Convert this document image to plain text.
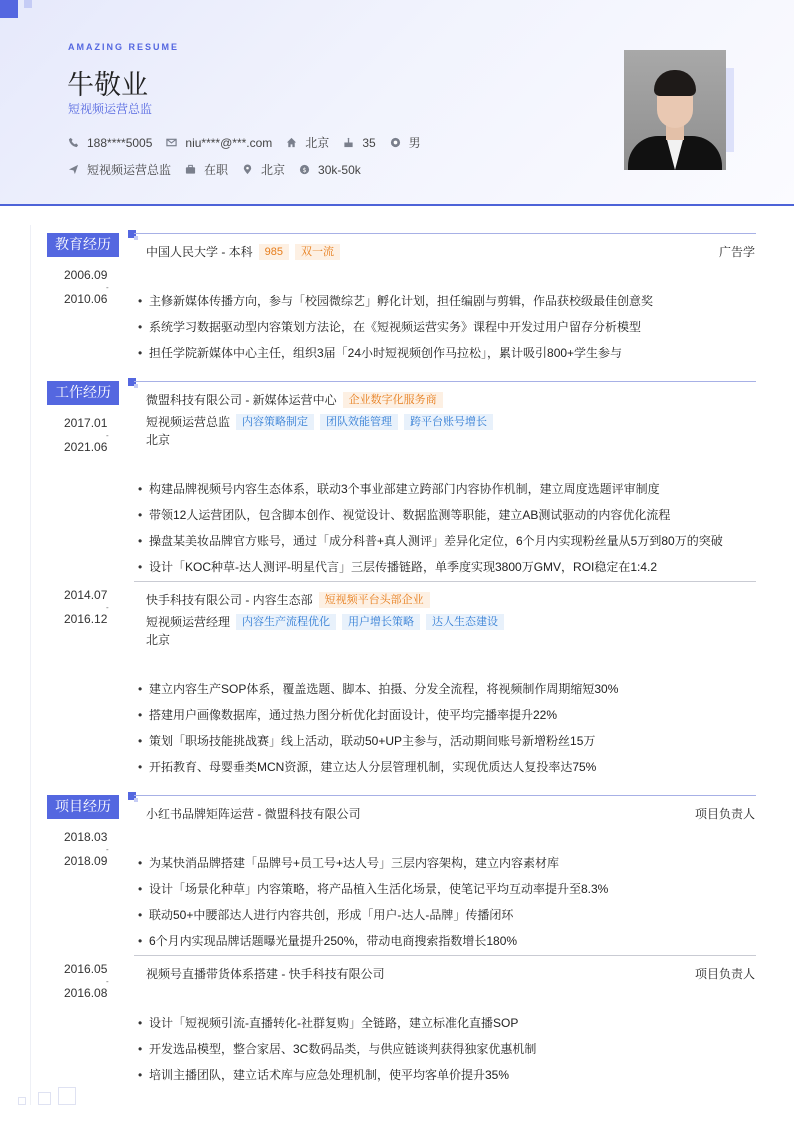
AMAZING RESUME
牛敬业
短视频运营总监
188****5005	niu****@***.com	北京	35	男
短视频运营总监	在职	北京 $ 30k-50k
教育经历
2006.09
-
2010.06
中国人民大学 - 本科	985	双一流	广告学
• 主修新媒体传播方向，参与「校园微综艺」孵化计划，担任编剧与剪辑，作品获校级最佳创意奖
• 系统学习数据驱动型内容策划方法论，在《短视频运营实务》课程中开发过用户留存分析模型
• 担任学院新媒体中心主任，组织3届「24小时短视频创作马拉松」，累计吸引800+学生参与
工作经历
2017.01
-
2021.06
微盟科技有限公司 - 新媒体运营中心	企业数字化服务商
短视频运营总监	内容策略制定	团队效能管理	跨平台账号增长
北京
• 构建品牌视频号内容生态体系，联动3个事业部建立跨部门内容协作机制，建立周度选题评审制度
• 带领12人运营团队，包含脚本创作、视觉设计、数据监测等职能，建立AB测试驱动的内容优化流程
• 操盘某美妆品牌官方账号，通过「成分科普+真人测评」差异化定位，6个月内实现粉丝量从5万到80万的突破
• 设计「KOC种草-达人测评-明星代言」三层传播链路，单季度实现3800万GMV，ROI稳定在1:4.2
2014.07
-
2016.12
快手科技有限公司 - 内容生态部	短视频平台头部企业
短视频运营经理	内容生产流程优化	用户增长策略	达人生态建设
北京
• 建立内容生产SOP体系，覆盖选题、脚本、拍摄、分发全流程，将视频制作周期缩短30%
• 搭建用户画像数据库，通过热力图分析优化封面设计，使平均完播率提升22%
• 策划「职场技能挑战赛」线上活动，联动50+UP主参与，活动期间账号新增粉丝15万
• 开拓教育、母婴垂类MCN资源，建立达人分层管理机制，实现优质达人复投率达75%
项目经历
2018.03
-
2018.09
小红书品牌矩阵运营 - 微盟科技有限公司	项目负责人
• 为某快消品牌搭建「品牌号+员工号+达人号」三层内容架构，建立内容素材库
• 设计「场景化种草」内容策略，将产品植入生活化场景，使笔记平均互动率提升至8.3%
• 联动50+中腰部达人进行内容共创，形成「用户-达人-品牌」传播闭环
• 6个月内实现品牌话题曝光量提升250%，带动电商搜索指数增长180%
2016.05
-
2016.08
视频号直播带货体系搭建 - 快手科技有限公司	项目负责人
• 设计「短视频引流-直播转化-社群复购」全链路，建立标准化直播SOP
• 开发选品模型，整合家居、3C数码品类，与供应链谈判获得独家优惠机制
• 培训主播团队，建立话术库与应急处理机制，使平均客单价提升35%
